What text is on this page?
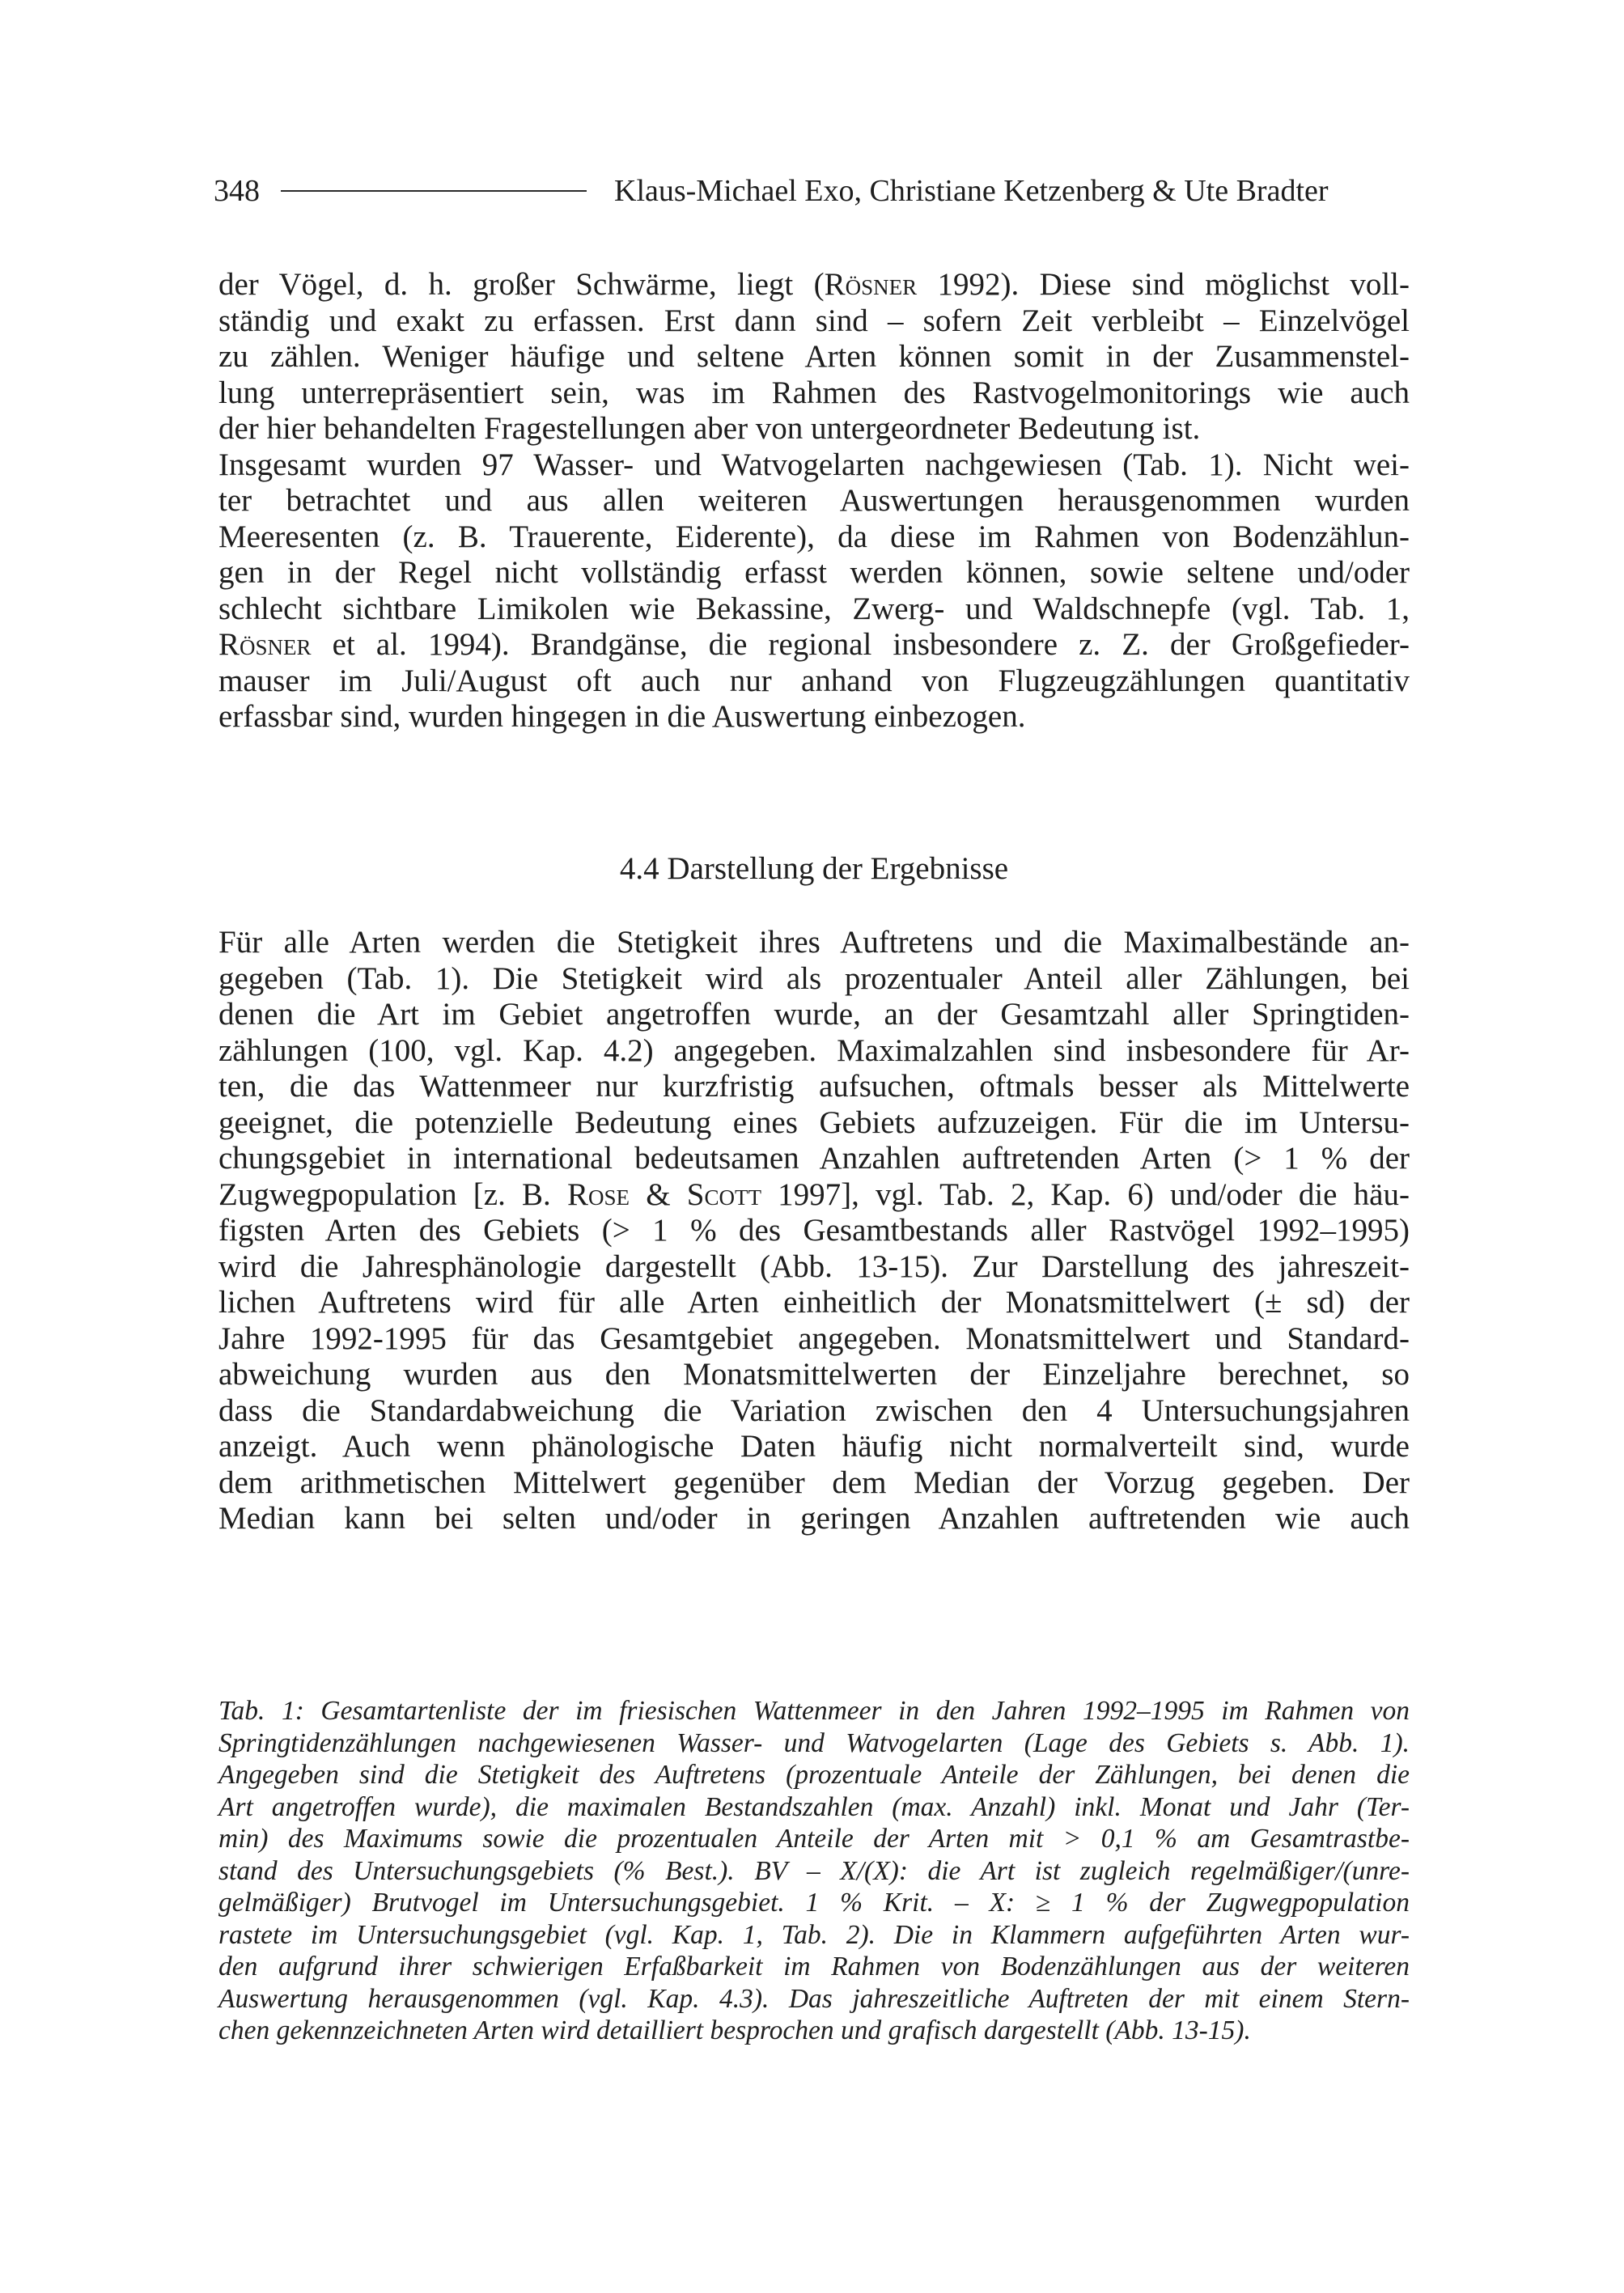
348	Klaus-Michael Exo, Christiane Ketzenberg & Ute Bradter

der Vögel, d. h. großer Schwärme, liegt (Rösner 1992). Diese sind möglichst voll-

ständig und exakt zu erfassen. Erst dann sind – sofern Zeit verbleibt – Einzelvögel

zu zählen. Weniger häufige und seltene Arten können somit in der Zusammenstel-

lung unterrepräsentiert sein, was im Rahmen des Rastvogelmonitorings wie auch

der hier behandelten Fragestellungen aber von untergeordneter Bedeutung ist.

Insgesamt wurden 97 Wasser- und Watvogelarten nachgewiesen (Tab. 1). Nicht wei-

ter betrachtet und aus allen weiteren Auswertungen herausgenommen wurden

Meeresenten (z. B. Trauerente, Eiderente), da diese im Rahmen von Bodenzählun-

gen in der Regel nicht vollständig erfasst werden können, sowie seltene und/oder

schlecht sichtbare Limikolen wie Bekassine, Zwerg- und Waldschnepfe (vgl. Tab. 1,

Rösner et al. 1994). Brandgänse, die regional insbesondere z. Z. der Großgefieder-

mauser im Juli/August oft auch nur anhand von Flugzeugzählungen quantitativ

erfassbar sind, wurden hingegen in die Auswertung einbezogen.

4.4 Darstellung der Ergebnisse

Für alle Arten werden die Stetigkeit ihres Auftretens und die Maximalbestände an-

gegeben (Tab. 1). Die Stetigkeit wird als prozentualer Anteil aller Zählungen, bei

denen die Art im Gebiet angetroffen wurde, an der Gesamtzahl aller Springtiden-

zählungen (100, vgl. Kap. 4.2) angegeben. Maximalzahlen sind insbesondere für Ar-

ten, die das Wattenmeer nur kurzfristig aufsuchen, oftmals besser als Mittelwerte

geeignet, die potenzielle Bedeutung eines Gebiets aufzuzeigen. Für die im Untersu-

chungsgebiet in international bedeutsamen Anzahlen auftretenden Arten (> 1 % der

Zugwegpopulation [z. B. Rose & Scott 1997], vgl. Tab. 2, Kap. 6) und/oder die häu-

figsten Arten des Gebiets (> 1 % des Gesamtbestands aller Rastvögel 1992–1995)

wird die Jahresphänologie dargestellt (Abb. 13-15). Zur Darstellung des jahreszeit-

lichen Auftretens wird für alle Arten einheitlich der Monatsmittelwert (± sd) der

Jahre 1992-1995 für das Gesamtgebiet angegeben. Monatsmittelwert und Standard-

abweichung wurden aus den Monatsmittelwerten der Einzeljahre berechnet, so

dass die Standardabweichung die Variation zwischen den 4 Untersuchungsjahren

anzeigt. Auch wenn phänologische Daten häufig nicht normalverteilt sind, wurde

dem arithmetischen Mittelwert gegenüber dem Median der Vorzug gegeben. Der

Median kann bei selten und/oder in geringen Anzahlen auftretenden wie auch

Tab. 1: Gesamtartenliste der im friesischen Wattenmeer in den Jahren 1992–1995 im Rahmen von

Springtidenzählungen nachgewiesenen Wasser- und Watvogelarten (Lage des Gebiets s. Abb. 1).

Angegeben sind die Stetigkeit des Auftretens (prozentuale Anteile der Zählungen, bei denen die

Art angetroffen wurde), die maximalen Bestandszahlen (max. Anzahl) inkl. Monat und Jahr (Ter-

min) des Maximums sowie die prozentualen Anteile der Arten mit > 0,1 % am Gesamtrastbe-

stand des Untersuchungsgebiets (% Best.). BV – X/(X): die Art ist zugleich regelmäßiger/(unre-

gelmäßiger) Brutvogel im Untersuchungsgebiet. 1 % Krit. – X: ≥ 1 % der Zugwegpopulation

rastete im Untersuchungsgebiet (vgl. Kap. 1, Tab. 2). Die in Klammern aufgeführten Arten wur-

den aufgrund ihrer schwierigen Erfaßbarkeit im Rahmen von Bodenzählungen aus der weiteren

Auswertung herausgenommen (vgl. Kap. 4.3). Das jahreszeitliche Auftreten der mit einem Stern-

chen gekennzeichneten Arten wird detailliert besprochen und grafisch dargestellt (Abb. 13-15).
